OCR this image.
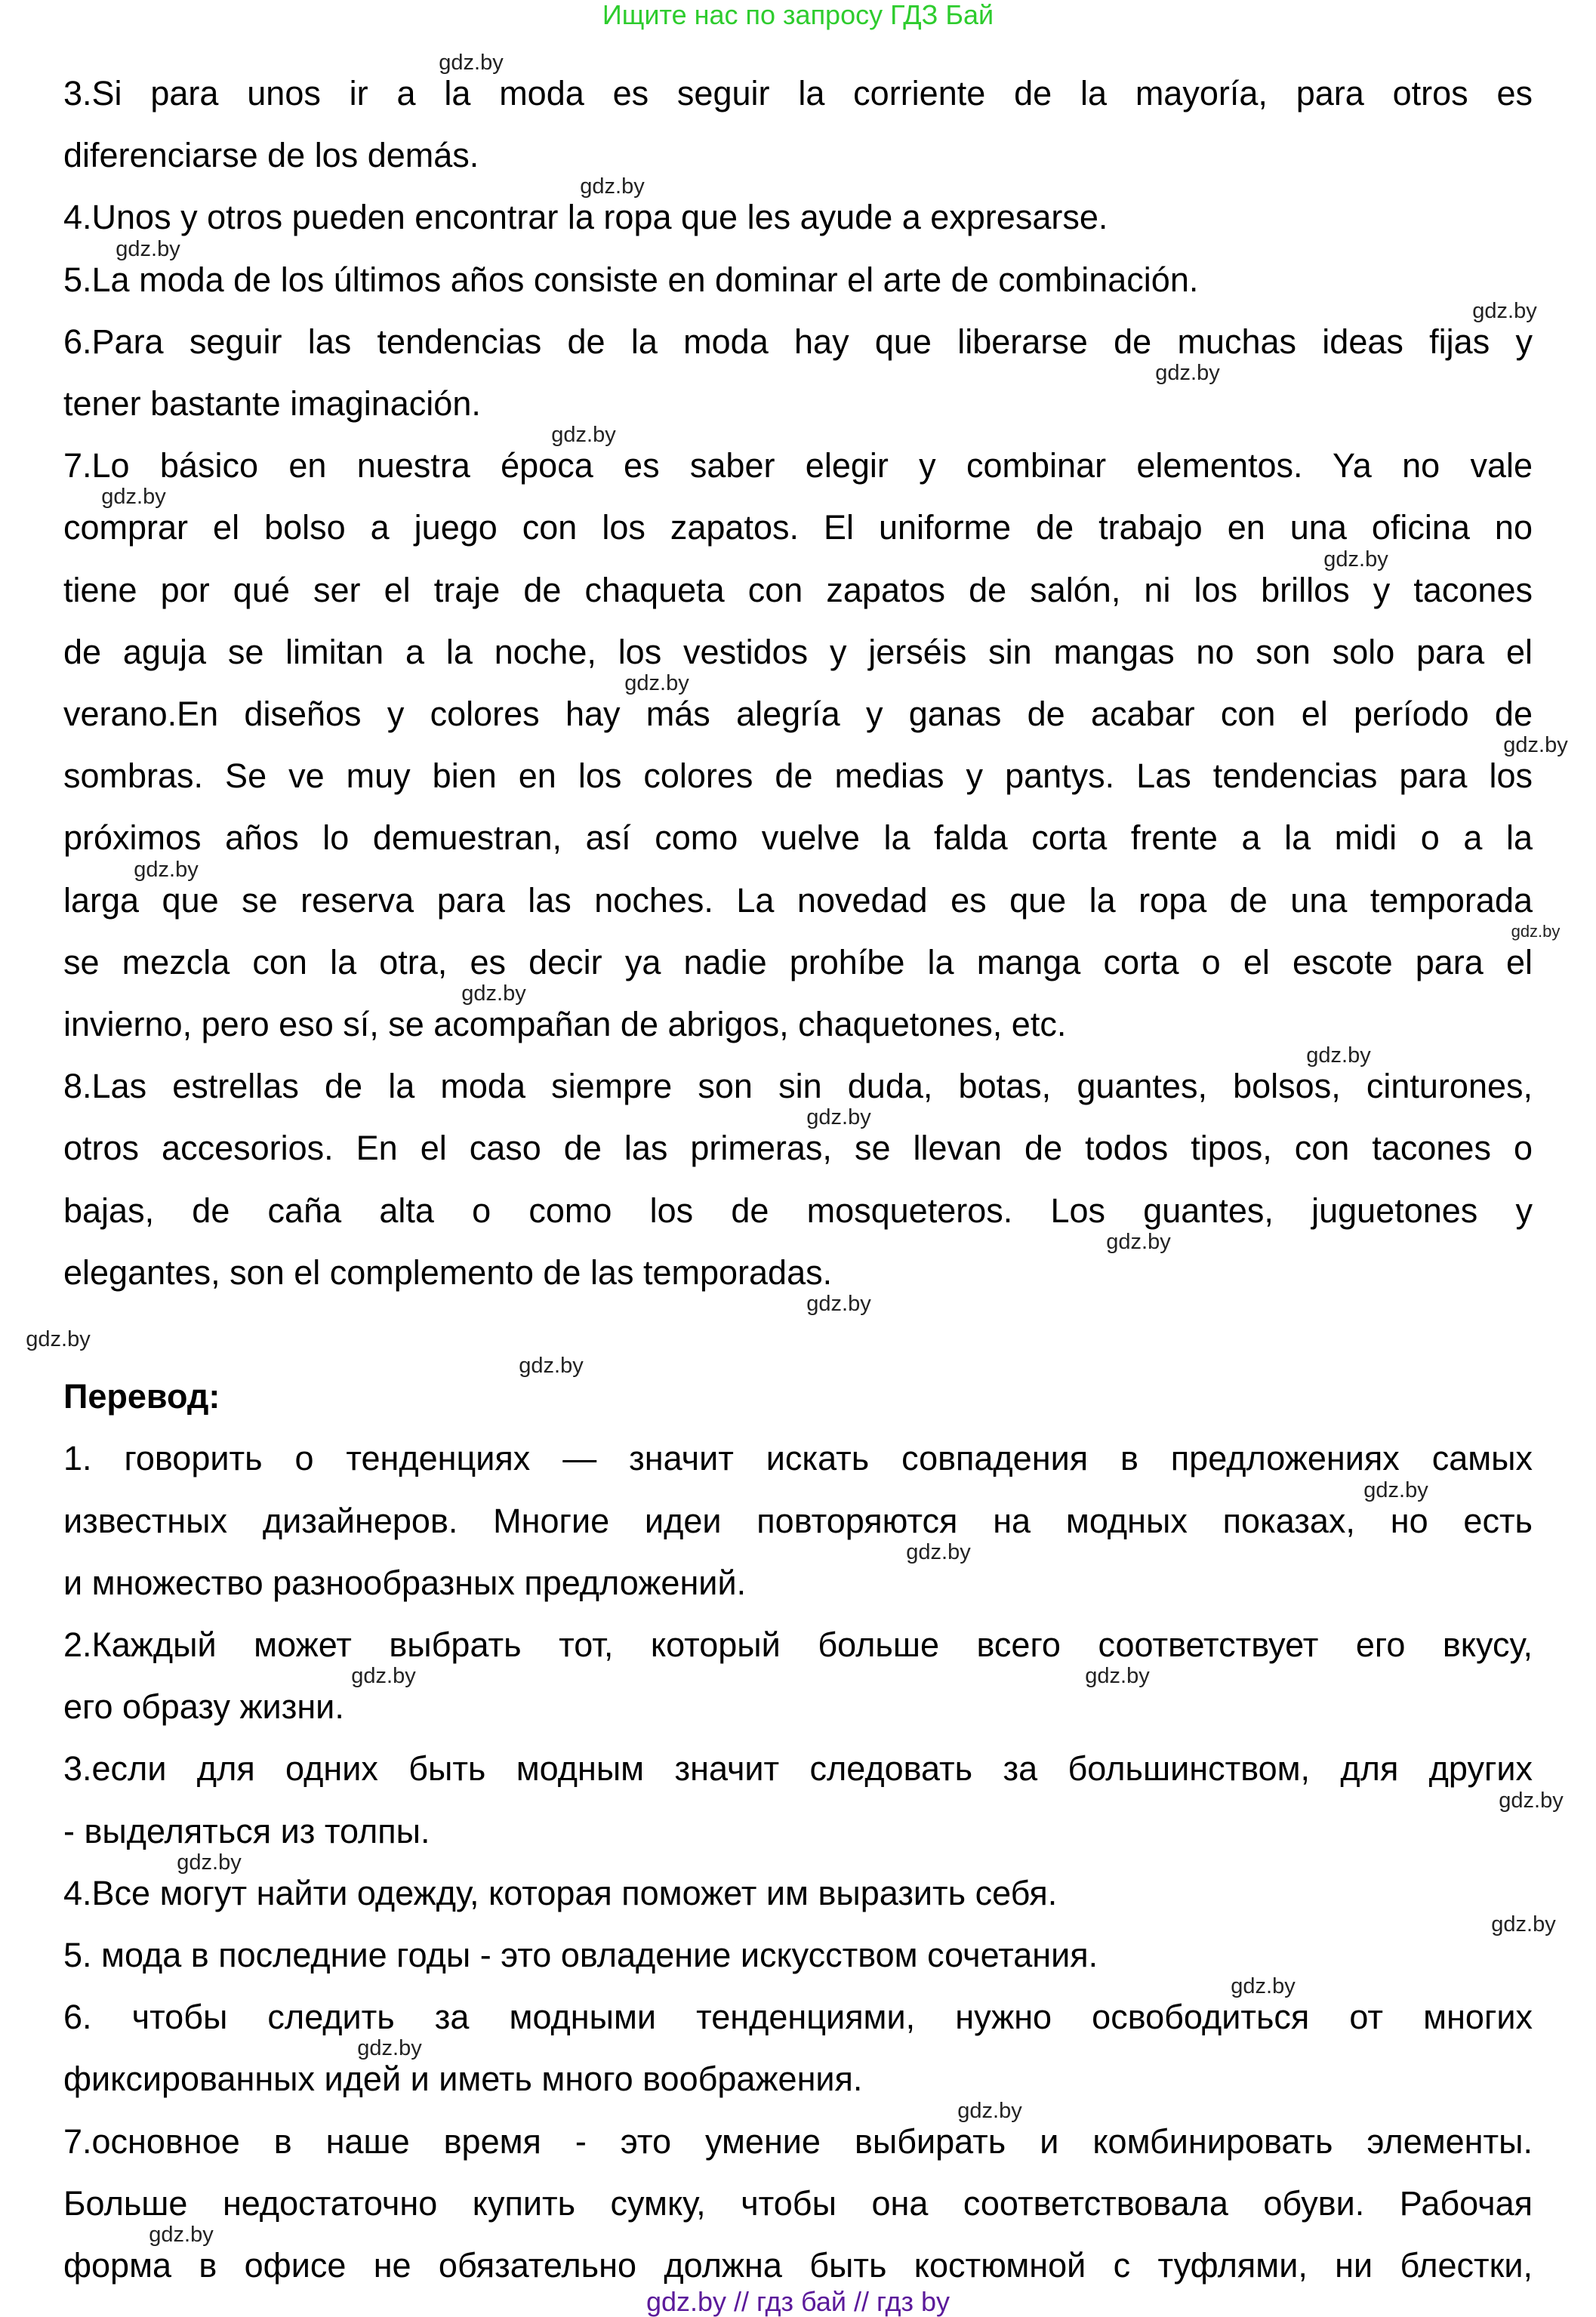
Ищите нас по запросу ГДЗ Бай
3.Si para unos ir a la moda es seguir la corriente de la mayoría, para otros es
diferenciarse de los demás.
4.Unos y otros pueden encontrar la ropa que les ayude a expresarse.
5.La moda de los últimos años consiste en dominar el arte de combinación.
6.Para seguir las tendencias de la moda hay que liberarse de muchas ideas fijas y
tener bastante imaginación.
7.Lo básico en nuestra época es saber elegir y combinar elementos. Ya no vale
comprar el bolso a juego con los zapatos. El uniforme de trabajo en una oficina no
tiene por qué ser el traje de chaqueta con zapatos de salón, ni los brillos y tacones
de aguja se limitan a la noche, los vestidos y jerséis sin mangas no son solo para el
verano.En diseños y colores hay más alegría y ganas de acabar con el período de
sombras. Se ve muy bien en los colores de medias y pantys. Las tendencias para los
próximos años lo demuestran, así como vuelve la falda corta frente a la midi o a la
larga que se reserva para las noches. La novedad es que la ropa de una temporada
se mezcla con la otra, es decir ya nadie prohíbe la manga corta o el escote para el
invierno, pero eso sí, se acompañan de abrigos, chaquetones, etc.
8.Las estrellas de la moda siempre son sin duda, botas, guantes, bolsos, cinturones,
otros accesorios. En el caso de las primeras, se llevan de todos tipos, con tacones o
bajas, de caña alta o como los de mosqueteros. Los guantes, juguetones y
elegantes, son el complemento de las temporadas.
Перевод:
1. говорить о тенденциях — значит искать совпадения в предложениях самых
известных дизайнеров. Многие идеи повторяются на модных показах, но есть
и множество разнообразных предложений.
2.Каждый может выбрать тот, который больше всего соответствует его вкусу,
его образу жизни.
3.если для одних быть модным значит следовать за большинством, для других
- выделяться из толпы.
4.Все могут найти одежду, которая поможет им выразить себя.
5. мода в последние годы - это овладение искусством сочетания.
6. чтобы следить за модными тенденциями, нужно освободиться от многих
фиксированных идей и иметь много воображения.
7.основное в наше время - это умение выбирать и комбинировать элементы.
Больше недостаточно купить сумку, чтобы она соответствовала обуви. Рабочая
форма в офисе не обязательно должна быть костюмной с туфлями, ни блестки,
gdz.by
gdz.by
gdz.by
gdz.by
gdz.by
gdz.by
gdz.by
gdz.by
gdz.by
gdz.by
gdz.by
gdz.by
gdz.by
gdz.by
gdz.by
gdz.by
gdz.by
gdz.by
gdz.by
gdz.by
gdz.by
gdz.by	gdz.by
gdz.by
gdz.by
gdz.by
gdz.by
gdz.by
gdz.by
gdz.by
gdz.by // гдз бай // гдз by
